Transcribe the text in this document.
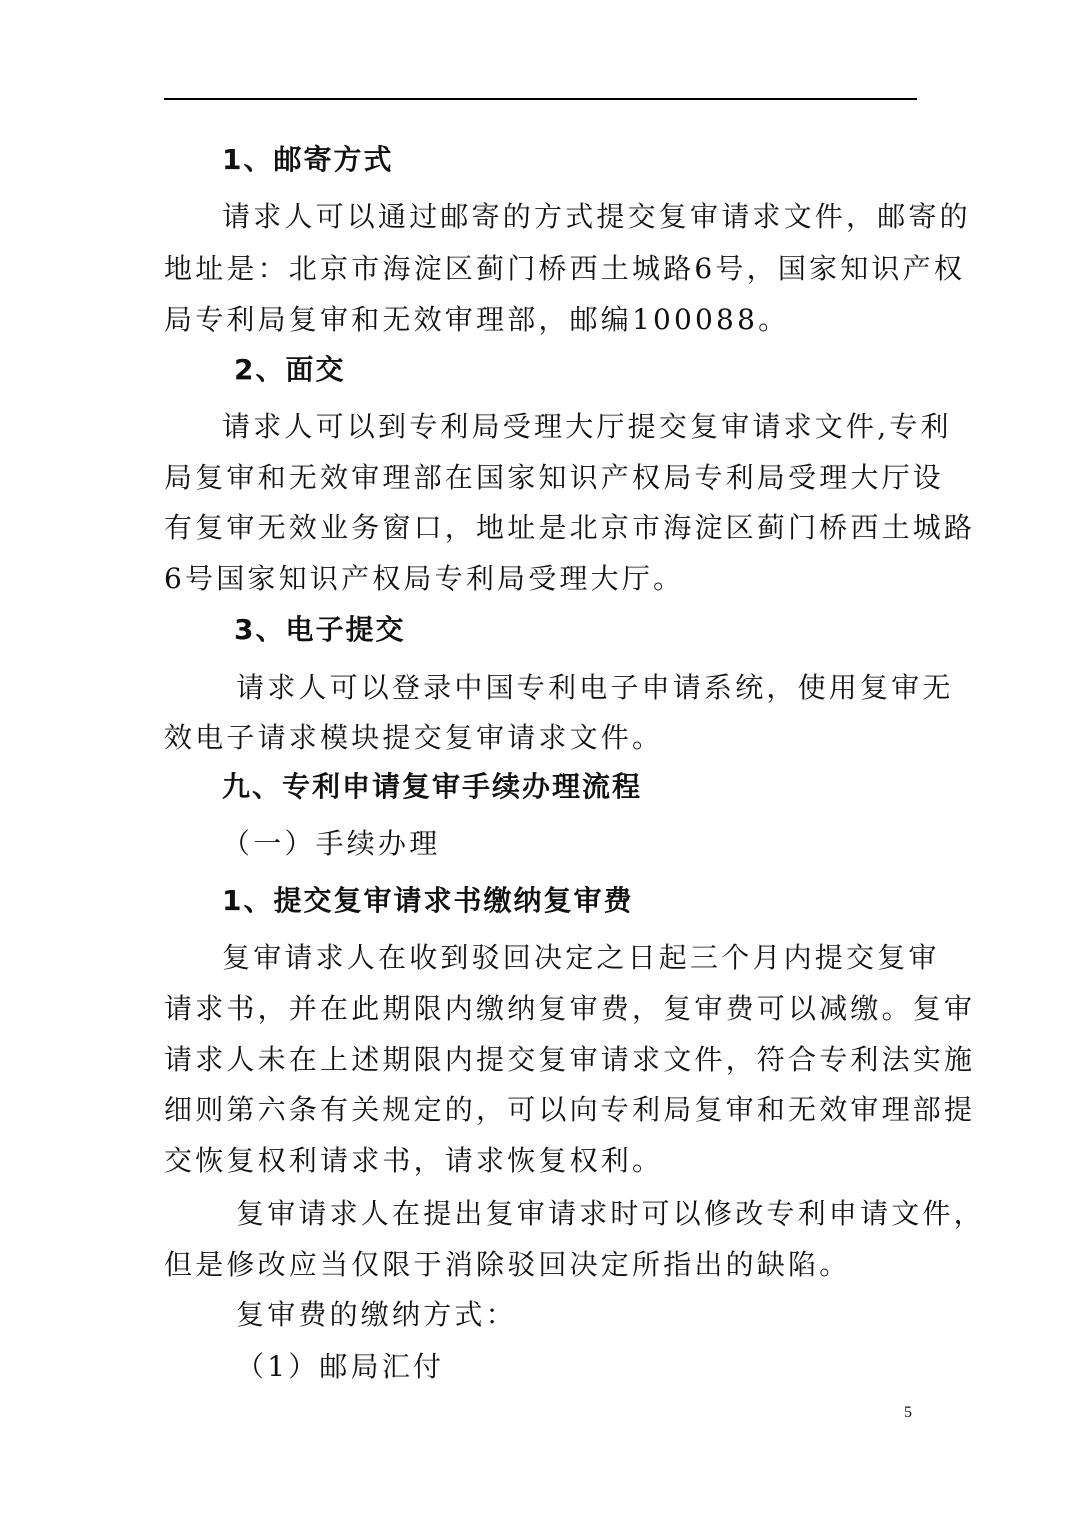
1、邮寄方式
请求人可以通过邮寄的方式提交复审请求文件，邮寄的
地址是：北京市海淀区蓟门桥西土城路6号，国家知识产权
局专利局复审和无效审理部，邮编100088。
2、面交
请求人可以到专利局受理大厅提交复审请求文件,专利
局复审和无效审理部在国家知识产权局专利局受理大厅设
有复审无效业务窗口，地址是北京市海淀区蓟门桥西土城路
6号国家知识产权局专利局受理大厅。
3、电子提交
请求人可以登录中国专利电子申请系统，使用复审无
效电子请求模块提交复审请求文件。
九、专利申请复审手续办理流程
（一）手续办理
1、提交复审请求书缴纳复审费
复审请求人在收到驳回决定之日起三个月内提交复审
请求书，并在此期限内缴纳复审费，复审费可以减缴。复审
请求人未在上述期限内提交复审请求文件，符合专利法实施
细则第六条有关规定的，可以向专利局复审和无效审理部提
交恢复权利请求书，请求恢复权利。
复审请求人在提出复审请求时可以修改专利申请文件，
但是修改应当仅限于消除驳回决定所指出的缺陷。
复审费的缴纳方式：
（1）邮局汇付
5
